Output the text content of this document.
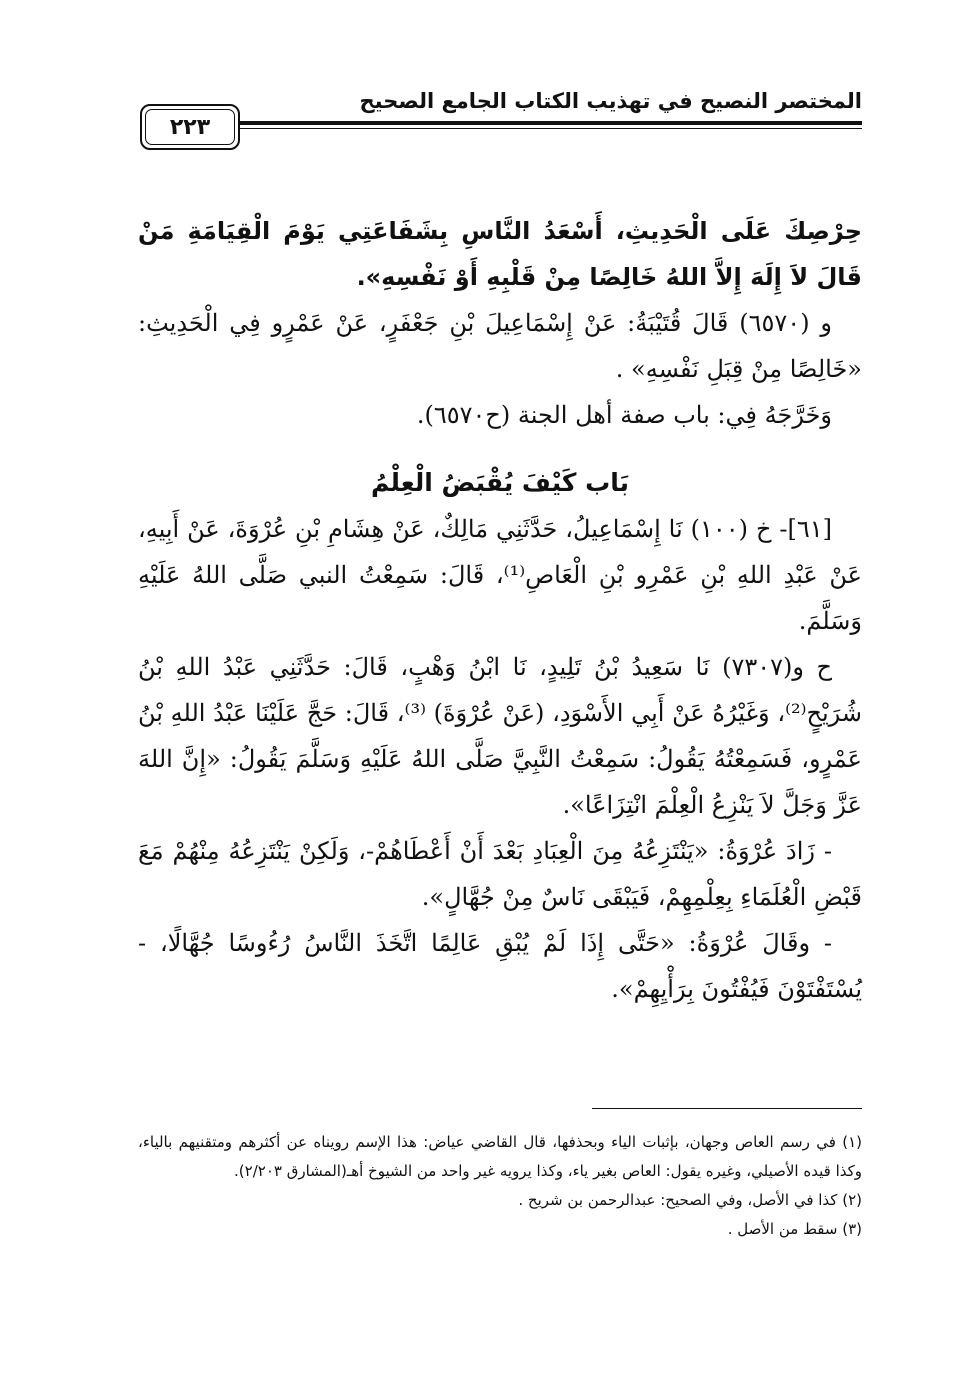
المختصر النصيح في تهذيب الكتاب الجامع الصحيح
٢٢٣

حِرْصِكَ عَلَى الْحَدِيثِ، أَسْعَدُ النَّاسِ بِشَفَاعَتِي يَوْمَ الْقِيَامَةِ مَنْ قَالَ لاَ إِلَهَ إِلاَّ اللهُ خَالِصًا مِنْ قَلْبِهِ أَوْ نَفْسِهِ».

و (٦٥٧٠) قَالَ قُتَيْبَةُ: عَنْ إِسْمَاعِيلَ بْنِ جَعْفَرٍ، عَنْ عَمْرٍو فِي الْحَدِيثِ: «خَالِصًا مِنْ قِبَلِ نَفْسِهِ» .

وَخَرَّجَهُ فِي: باب صفة أهل الجنة (ح٦٥٧٠).

بَاب كَيْفَ يُقْبَضُ الْعِلْمُ

[٦١]- خ (١٠٠) نَا إِسْمَاعِيلُ، حَدَّثَنِي مَالِكٌ، عَنْ هِشَامِ بْنِ عُرْوَةَ، عَنْ أَبِيهِ، عَنْ عَبْدِ اللهِ بْنِ عَمْرِو بْنِ الْعَاصِ⁽¹⁾، قَالَ: سَمِعْتُ النبي صَلَّى اللهُ عَلَيْهِ وَسَلَّمَ.

ح و(٧٣٠٧) نَا سَعِيدُ بْنُ تَلِيدٍ، نَا ابْنُ وَهْبٍ، قَالَ: حَدَّثَنِي عَبْدُ اللهِ بْنُ شُرَيْحٍ⁽²⁾، وَغَيْرُهُ عَنْ أَبِي الأَسْوَدِ، (عَنْ عُرْوَةَ) ⁽³⁾، قَالَ: حَجَّ عَلَيْنَا عَبْدُ اللهِ بْنُ عَمْرٍو، فَسَمِعْتُهُ يَقُولُ: سَمِعْتُ النَّبِيَّ صَلَّى اللهُ عَلَيْهِ وَسَلَّمَ يَقُولُ: «إِنَّ اللهَ عَزَّ وَجَلَّ لاَ يَنْزِعُ الْعِلْمَ انْتِزَاعًا».

- زَادَ عُرْوَةُ: «يَنْتَزِعُهُ مِنَ الْعِبَادِ بَعْدَ أَنْ أَعْطَاهُمْ-، وَلَكِنْ يَنْتَزِعُهُ مِنْهُمْ مَعَ قَبْضِ الْعُلَمَاءِ بِعِلْمِهِمْ، فَيَبْقَى نَاسٌ مِنْ جُهَّالٍ».

- وقَالَ عُرْوَةُ: «حَتَّى إِذَا لَمْ يُبْقِ عَالِمًا اتَّخَذَ النَّاسُ رُءُوسًا جُهَّالًا، - يُسْتَفْتَوْنَ فَيُفْتُونَ بِرَأْيِهِمْ».

(١) في رسم العاص وجهان، بإثبات الياء وبحذفها، قال القاضي عياض: هذا الإسم رويناه عن أكثرهم ومتقنيهم بالياء، وكذا قيده الأصيلي، وغيره يقول: العاص بغير ياء، وكذا يرويه غير واحد من الشيوخ أهـ(المشارق ٢/٢٠٣).

(٢) كذا في الأصل، وفي الصحيح: عبدالرحمن بن شريح .

(٣) سقط من الأصل .
